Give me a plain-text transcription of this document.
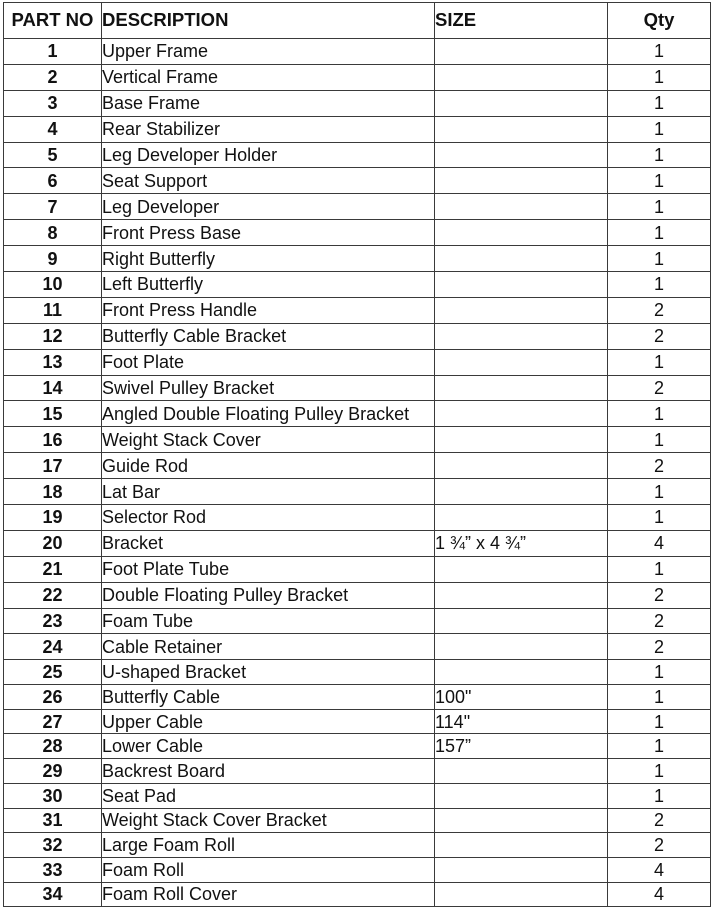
PART NO	DESCRIPTION	SIZE	Qty
1	Upper Frame		1
2	Vertical Frame		1
3	Base Frame		1
4	Rear Stabilizer		1
5	Leg Developer Holder		1
6	Seat Support		1
7	Leg Developer		1
8	Front Press Base		1
9	Right Butterfly		1
10	Left Butterfly		1
11	Front Press Handle		2
12	Butterfly Cable Bracket		2
13	Foot Plate		1
14	Swivel Pulley Bracket		2
15	Angled Double Floating Pulley Bracket		1
16	Weight Stack Cover		1
17	Guide Rod		2
18	Lat Bar		1
19	Selector Rod		1
20	Bracket	1 ¾” x 4 ¾”	4
21	Foot Plate Tube		1
22	Double Floating Pulley Bracket		2
23	Foam Tube		2
24	Cable Retainer		2
25	U-shaped Bracket		1
26	Butterfly Cable	100"	1
27	Upper Cable	114"	1
28	Lower Cable	157”	1
29	Backrest Board		1
30	Seat Pad		1
31	Weight Stack Cover Bracket		2
32	Large Foam Roll		2
33	Foam Roll		4
34	Foam Roll Cover		4
